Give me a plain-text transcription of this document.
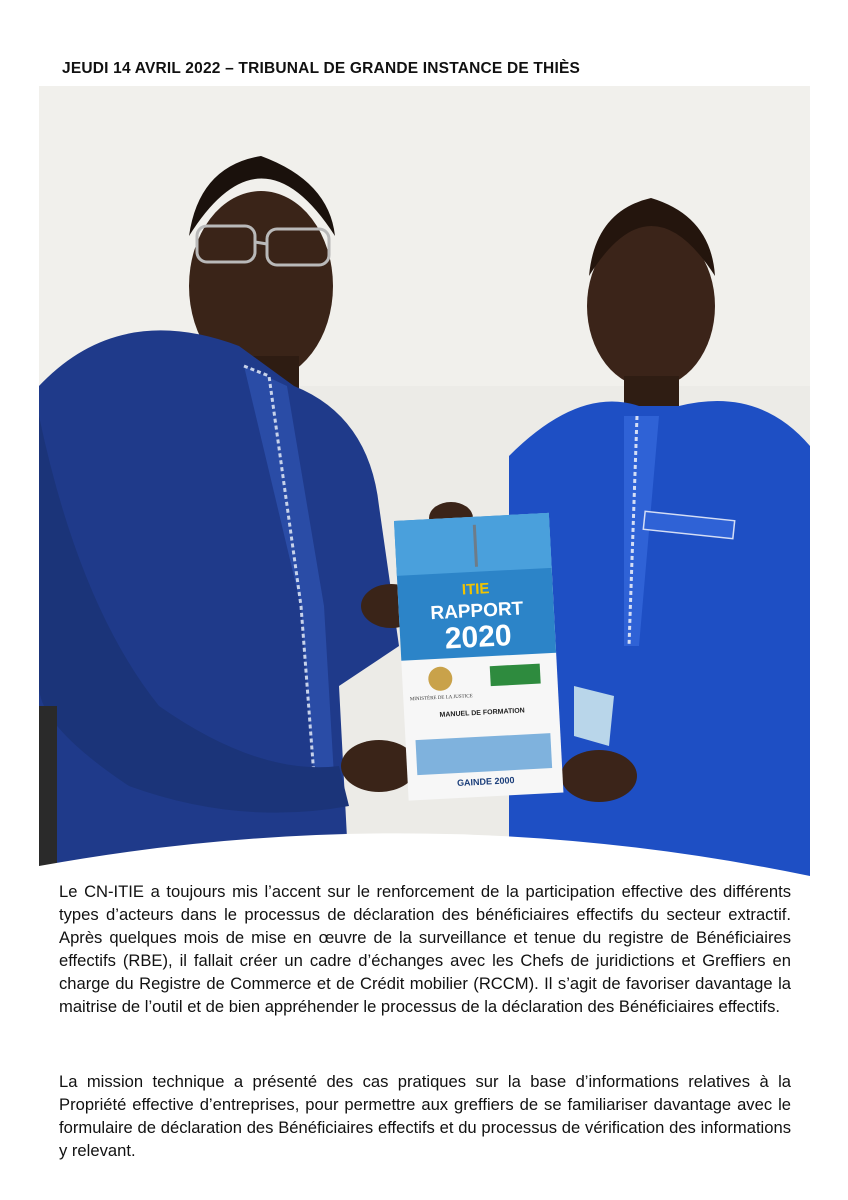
JEUDI 14 AVRIL 2022 – TRIBUNAL DE GRANDE INSTANCE DE THIÈS
ITIE
RAPPORT
2020
MINISTÈRE DE LA JUSTICE
MANUEL DE FORMATION
GAINDE 2000

Le CN-ITIE a toujours mis l’accent sur le renforcement de la participation effective des différents types d’acteurs dans le processus de déclaration des bénéficiaires effectifs du secteur extractif. Après quelques mois de mise en œuvre de la surveillance et tenue du registre de Bénéficiaires effectifs (RBE), il fallait créer un cadre d’échanges avec les Chefs de juridictions et Greffiers en charge du Registre de Commerce et de Crédit mobilier (RCCM). Il s’agit de favoriser davantage la maitrise de l’outil et de bien appréhender le processus de la déclaration des Bénéficiaires effectifs.

La mission technique a présenté des cas pratiques sur la base d’informations relatives à la Propriété effective d’entreprises, pour permettre aux greffiers de se familiariser davantage avec le formulaire de déclaration des Bénéficiaires effectifs et du processus de vérification des informations y relevant.
